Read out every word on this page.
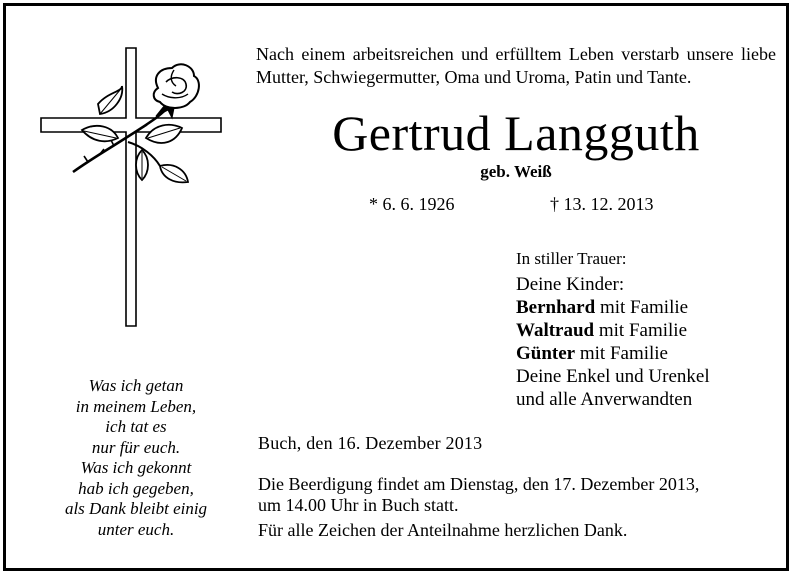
Nach einem arbeitsreichen und erfülltem Leben verstarb unsere liebe Mutter, Schwiegermutter, Oma und Uroma, Patin und Tante.
Gertrud Langguth
geb. Weiß
* 6. 6. 1926	† 13. 12. 2013
In stiller Trauer:
Deine Kinder:
Bernhard mit Familie
Waltraud mit Familie
Günter mit Familie
Deine Enkel und Urenkel
und alle Anverwandten
Was ich getan
in meinem Leben,
ich tat es
nur für euch.
Was ich gekonnt
hab ich gegeben,
als Dank bleibt einig
unter euch.
Buch, den 16. Dezember 2013
Die Beerdigung findet am Dienstag, den 17. Dezember 2013,
um 14.00 Uhr in Buch statt.
Für alle Zeichen der Anteilnahme herzlichen Dank.
